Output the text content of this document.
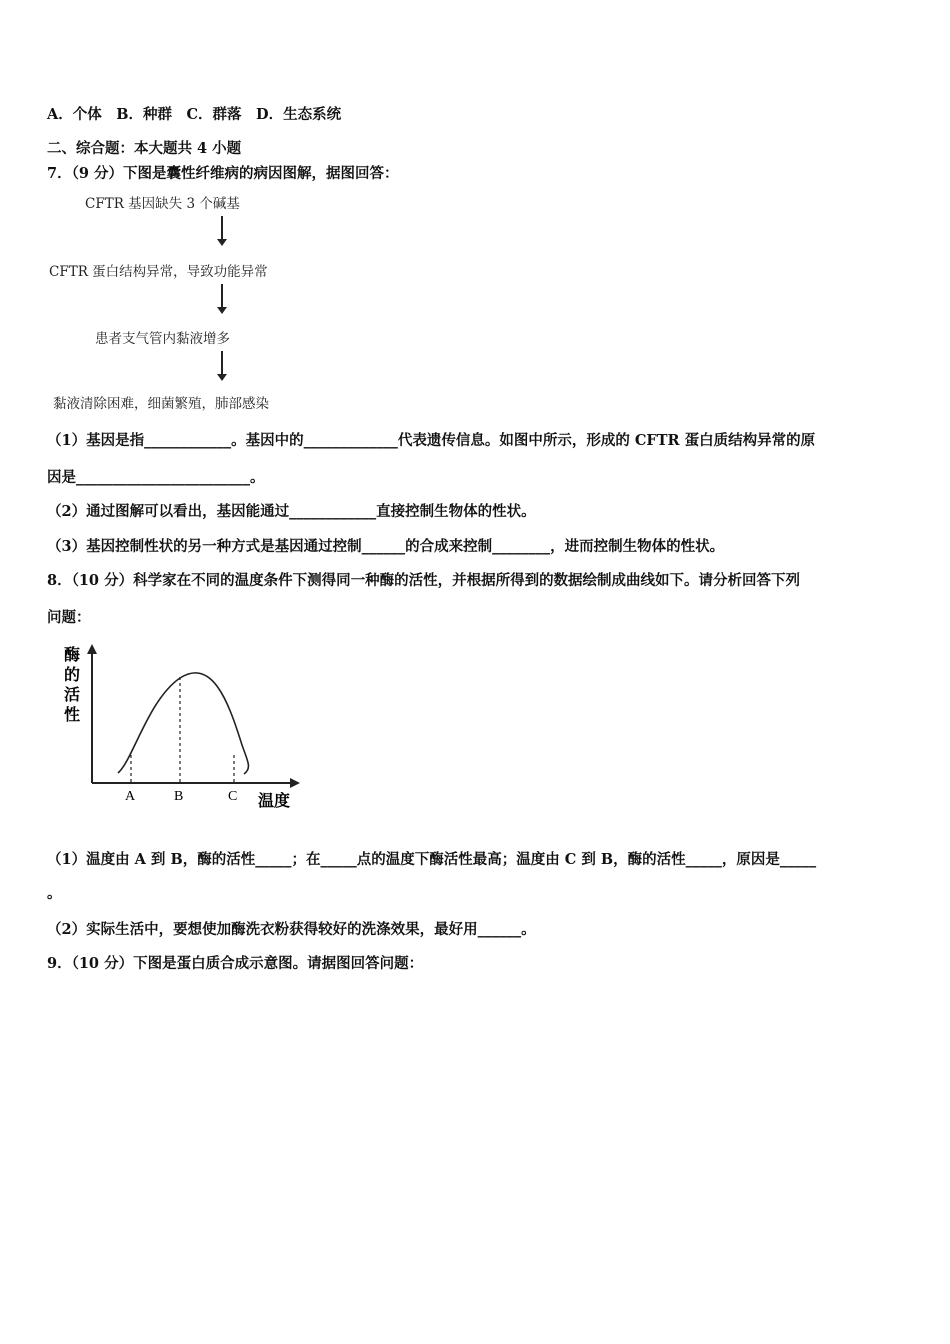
A．个体　B．种群　C．群落　D．生态系统
二、综合题：本大题共 4 小题
7．（9 分）下图是囊性纤维病的病因图解，据图回答：
CFTR 基因缺失 3 个碱基
CFTR 蛋白结构异常，导致功能异常
患者支气管内黏液增多
黏液清除困难，细菌繁殖，肺部感染
（1）基因是指____________。基因中的_____________代表遗传信息。如图中所示，形成的 CFTR 蛋白质结构异常的原
因是________________________。
（2）通过图解可以看出，基因能通过____________直接控制生物体的性状。
（3）基因控制性状的另一种方式是基因通过控制______的合成来控制________，进而控制生物体的性状。
8．（10 分）科学家在不同的温度条件下测得同一种酶的活性，并根据所得到的数据绘制成曲线如下。请分析回答下列
问题：
酶
的
活
性
A	B	C 温度
（1）温度由 A 到 B，酶的活性_____；在_____点的温度下酶活性最高；温度由 C 到 B，酶的活性_____，原因是_____
。
（2）实际生活中，要想使加酶洗衣粉获得较好的洗涤效果，最好用______。
9．（10 分）下图是蛋白质合成示意图。请据图回答问题：
